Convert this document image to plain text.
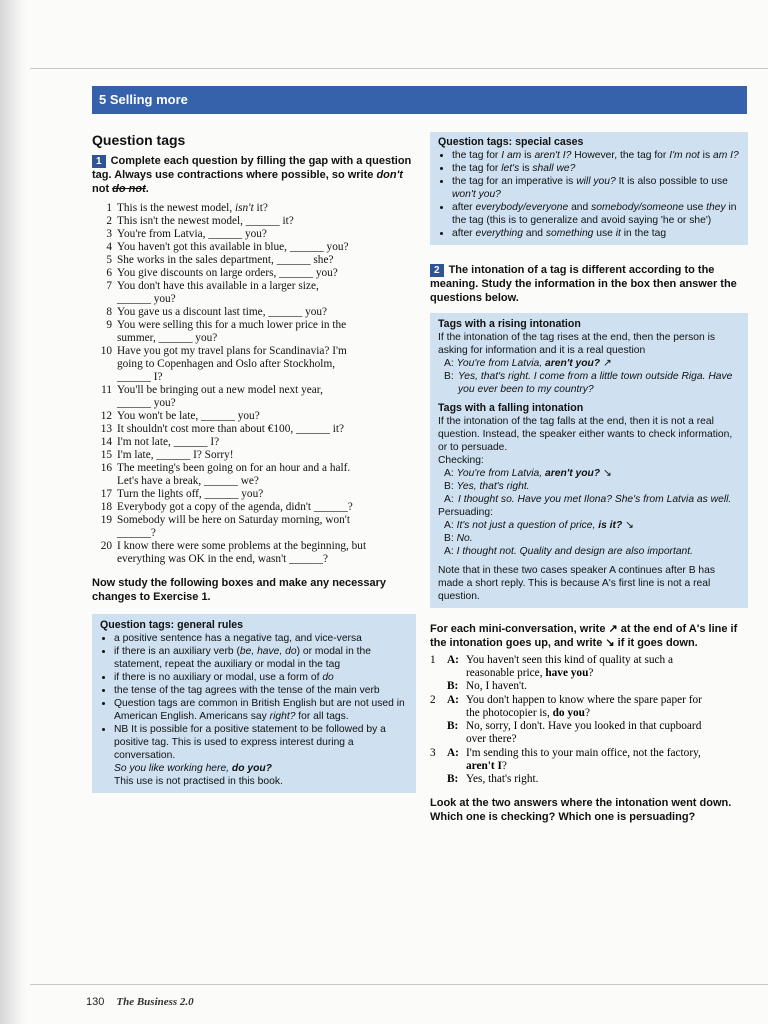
5 Selling more
Question tags

1 Complete each question by filling the gap with a question tag. Always use contractions where possible, so write don't not do not.

1 This is the newest model, isn't it?
2 This isn't the newest model, ______ it?
3 You're from Latvia, ______ you?
4 You haven't got this available in blue, ______ you?
5 She works in the sales department, ______ she?
6 You give discounts on large orders, ______ you?
7 You don't have this available in a larger size,
______ you?
8 You gave us a discount last time, ______ you?
9 You were selling this for a much lower price in the
summer, ______ you?
10 Have you got my travel plans for Scandinavia? I'm
going to Copenhagen and Oslo after Stockholm,
______ I?
11 You'll be bringing out a new model next year,
______ you?
12 You won't be late, ______ you?
13 It shouldn't cost more than about €100, ______ it?
14 I'm not late, ______ I?
15 I'm late, ______ I? Sorry!
16 The meeting's been going on for an hour and a half.
Let's have a break, ______ we?
17 Turn the lights off, ______ you?
18 Everybody got a copy of the agenda, didn't ______?
19 Somebody will be here on Saturday morning, won't
______?
20 I know there were some problems at the beginning, but
everything was OK in the end, wasn't ______?

Now study the following boxes and make any necessary changes to Exercise 1.

Question tags: general rules
• a positive sentence has a negative tag, and vice-versa
• if there is an auxiliary verb (be, have, do) or modal in the statement, repeat the auxiliary or modal in the tag
• if there is no auxiliary or modal, use a form of do
• the tense of the tag agrees with the tense of the main verb
• Question tags are common in British English but are not used in American English. Americans say right? for all tags.
• NB It is possible for a positive statement to be followed by a positive tag. This is used to express interest during a conversation.
So you like working here, do you?
This use is not practised in this book.
Question tags: special cases
• the tag for I am is aren't I? However, the tag for I'm not is am I?
• the tag for let's is shall we?
• the tag for an imperative is will you? It is also possible to use won't you?
• after everybody/everyone and somebody/someone use they in the tag (this is to generalize and avoid saying 'he or she')
• after everything and something use it in the tag

2 The intonation of a tag is different according to the meaning. Study the information in the box then answer the questions below.

Tags with a rising intonation
If the intonation of the tag rises at the end, then the person is asking for information and it is a real question
A: You're from Latvia, aren't you? ↗
B: Yes, that's right. I come from a little town outside Riga. Have you ever been to my country?
Tags with a falling intonation
If the intonation of the tag falls at the end, then it is not a real question. Instead, the speaker either wants to check information, or to persuade.
Checking:
A: You're from Latvia, aren't you? ↘
B: Yes, that's right.
A: I thought so. Have you met Ilona? She's from Latvia as well.
Persuading:
A: It's not just a question of price, is it? ↘
B: No.
A: I thought not. Quality and design are also important.
Note that in these two cases speaker A continues after B has made a short reply. This is because A's first line is not a real question.

For each mini-conversation, write ↗ at the end of A's line if the intonation goes up, and write ↘ if it goes down.

1 A: You haven't seen this kind of quality at such a
reasonable price, have you?
B: No, I haven't.
2 A: You don't happen to know where the spare paper for
the photocopier is, do you?
B: No, sorry, I don't. Have you looked in that cupboard
over there?
3 A: I'm sending this to your main office, not the factory,
aren't I?
B: Yes, that's right.

Look at the two answers where the intonation went down. Which one is checking? Which one is persuading?

130 The Business 2.0
